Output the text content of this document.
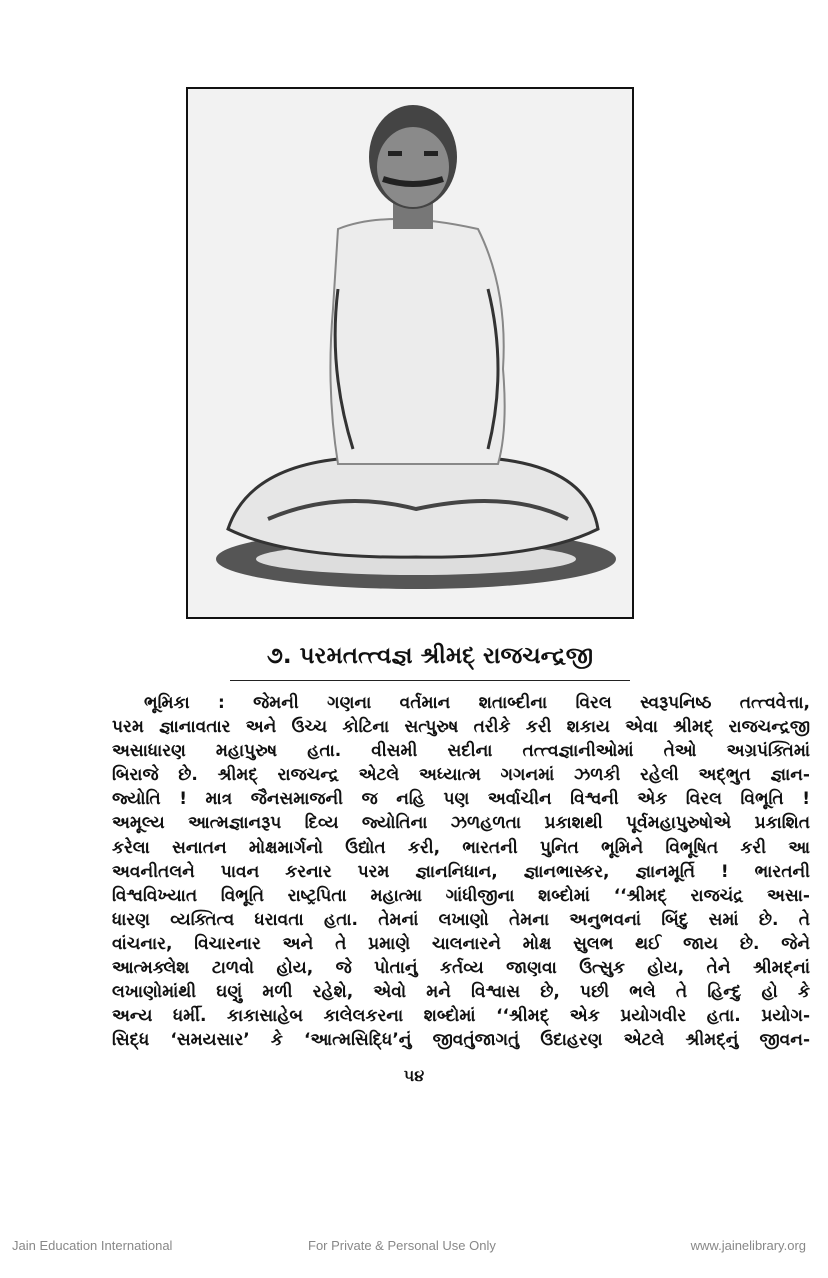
૭. પરમતત્ત્વજ્ઞ શ્રીમદ્ રાજચન્દ્રજી
ભૂમિકા : જેમની ગણના વર્તમાન શતાબ્દીના વિરલ સ્વરૂપનિષ્ઠ તત્ત્વવેત્તા,
પરમ જ્ઞાનાવતાર અને ઉચ્ચ કોટિના સત્પુરુષ તરીકે કરી શકાય એવા શ્રીમદ્ રાજચન્દ્રજી
અસાધારણ મહાપુરુષ હતા. વીસમી સદીના તત્ત્વજ્ઞાનીઓમાં તેઓ અગ્રપંક્તિમાં
બિરાજે છે. શ્રીમદ્ રાજચન્દ્ર એટલે અધ્યાત્મ ગગનમાં ઝળકી રહેલી અદ્ભુત જ્ઞાન-
જ્યોતિ ! માત્ર જૈનસમાજની જ નહિ પણ અર્વાચીન વિશ્વની એક વિરલ વિભૂતિ !
અમૂલ્ય આત્મજ્ઞાનરૂપ દિવ્ય જ્યોતિના ઝળહળતા પ્રકાશથી પૂર્વમહાપુરુષોએ પ્રકાશિત
કરેલા સનાતન મોક્ષમાર્ગનો ઉદ્યોત કરી, ભારતની પુનિત ભૂમિને વિભૂષિત કરી આ
અવનીતલને પાવન કરનાર પરમ જ્ઞાનનિધાન, જ્ઞાનભાસ્કર, જ્ઞાનમૂર્તિ ! ભારતની
વિશ્વવિખ્યાત વિભૂતિ રાષ્ટ્રપિતા મહાત્મા ગાંધીજીના શબ્દોમાં ‘‘શ્રીમદ્ રાજચંદ્ર અસા-
ધારણ વ્યક્તિત્વ ધરાવતા હતા. તેમનાં લખાણો તેમના અનુભવનાં બિંદુ સમાં છે. તે
વાંચનાર, વિચારનાર અને તે પ્રમાણે ચાલનારને મોક્ષ સુલભ થઈ જાય છે. જેને
આત્મક્લેશ ટાળવો હોય, જે પોતાનું કર્તવ્ય જાણવા ઉત્સુક હોય, તેને શ્રીમદ્નાં
લખાણોમાંથી ઘણું મળી રહેશે, એવો મને વિશ્વાસ છે, પછી ભલે તે હિન્દુ હો કે
અન્ય ધર્મી. કાકાસાહેબ કાલેલકરના શબ્દોમાં ‘‘શ્રીમદ્ એક પ્રયોગવીર હતા. પ્રયોગ-
સિદ્ધ ‘સમયસાર’ કે ‘આત્મસિદ્ધિ’નું જીવતુંજાગતું ઉદાહરણ એટલે શ્રીમદ્નું જીવન-
૫૪
Jain Education International	For Private & Personal Use Only	www.jainelibrary.org
